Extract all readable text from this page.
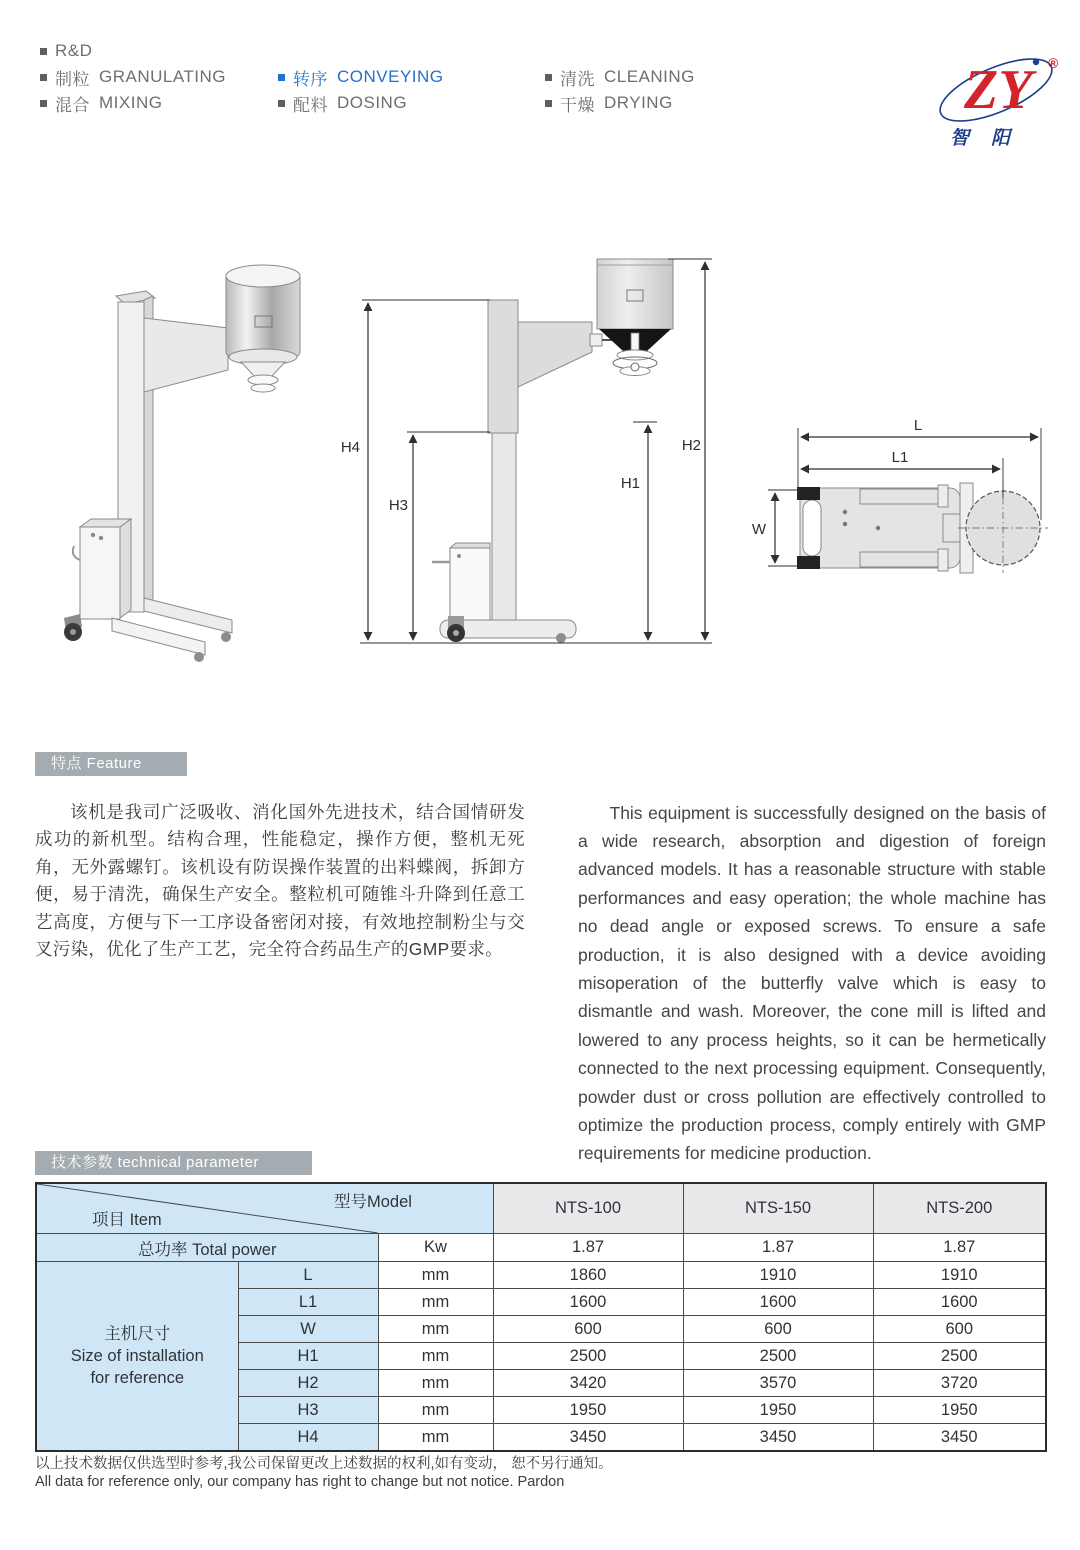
R&D
制粒 GRANULATING
混合 MIXING
转序 CONVEYING
配料 DOSING
清洗 CLEANING
干燥 DRYING	ZY	®
智阳
H4
H3
H1
H2
L
L1
W
特点 Feature

该机是我司广泛吸收、消化国外先进技术，结合国情研发成功的新机型。结构合理，性能稳定，操作方便，整机无死角，无外露螺钉。该机设有防误操作装置的出料蝶阀，拆卸方便，易于清洗，确保生产安全。整粒机可随锥斗升降到任意工艺高度，方便与下一工序设备密闭对接，有效地控制粉尘与交叉污染，优化了生产工艺，完全符合药品生产的GMP要求。

This equipment is successfully designed on the basis of a wide research, absorption and digestion of foreign advanced models. It has a reasonable structure with stable performances and easy operation; the whole machine has no dead angle or exposed screws. To ensure a safe production, it is also designed with a device avoiding misoperation of the butterfly valve which is easy to dismantle and wash. Moreover, the cone mill is lifted and lowered to any process heights, so it can be hermetically connected to the next processing equipment. Consequently, powder dust or cross pollution are effectively controlled to optimize the production process, comply entirely with GMP requirements for medicine production.

技术参数 technical parameter
项目 Item
型号Model			NTS-100	NTS-150	NTS-200
总功率 Total power		Kw	1.87	1.87	1.87

主机尺寸
Size of installation
for reference	L	mm	1860	1910	1910
	L1	mm	1600	1600	1600
	W	mm	600	600	600
	H1	mm	2500	2500	2500
	H2	mm	3420	3570	3720
	H3	mm	1950	1950	1950
	H4	mm	3450	3450	3450
以上技术数据仅供选型时参考,我公司保留更改上述数据的权利,如有变动， 恕不另行通知。
All data for reference only, our company has right to change but not notice. Pardon
